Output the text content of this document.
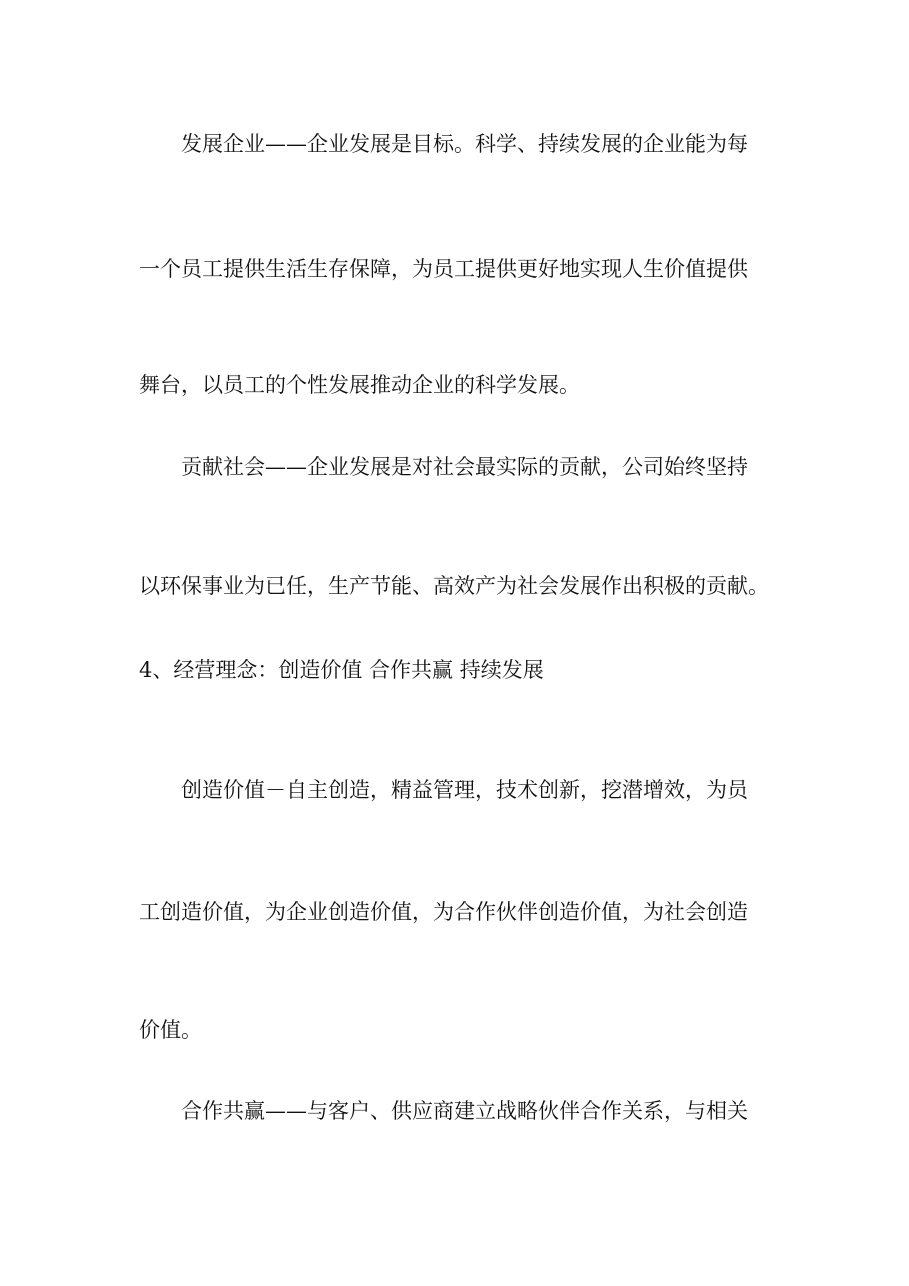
发展企业——企业发展是目标。科学、持续发展的企业能为每

一个员工提供生活生存保障，为员工提供更好地实现人生价值提供

舞台，以员工的个性发展推动企业的科学发展。

贡献社会——企业发展是对社会最实际的贡献，公司始终坚持

以环保事业为已任，生产节能、高效产为社会发展作出积极的贡献。

4、经营理念：创造价值 合作共赢 持续发展

创造价值－自主创造，精益管理，技术创新，挖潜增效，为员

工创造价值，为企业创造价值，为合作伙伴创造价值，为社会创造

价值。

合作共赢——与客户、供应商建立战略伙伴合作关系，与相关
